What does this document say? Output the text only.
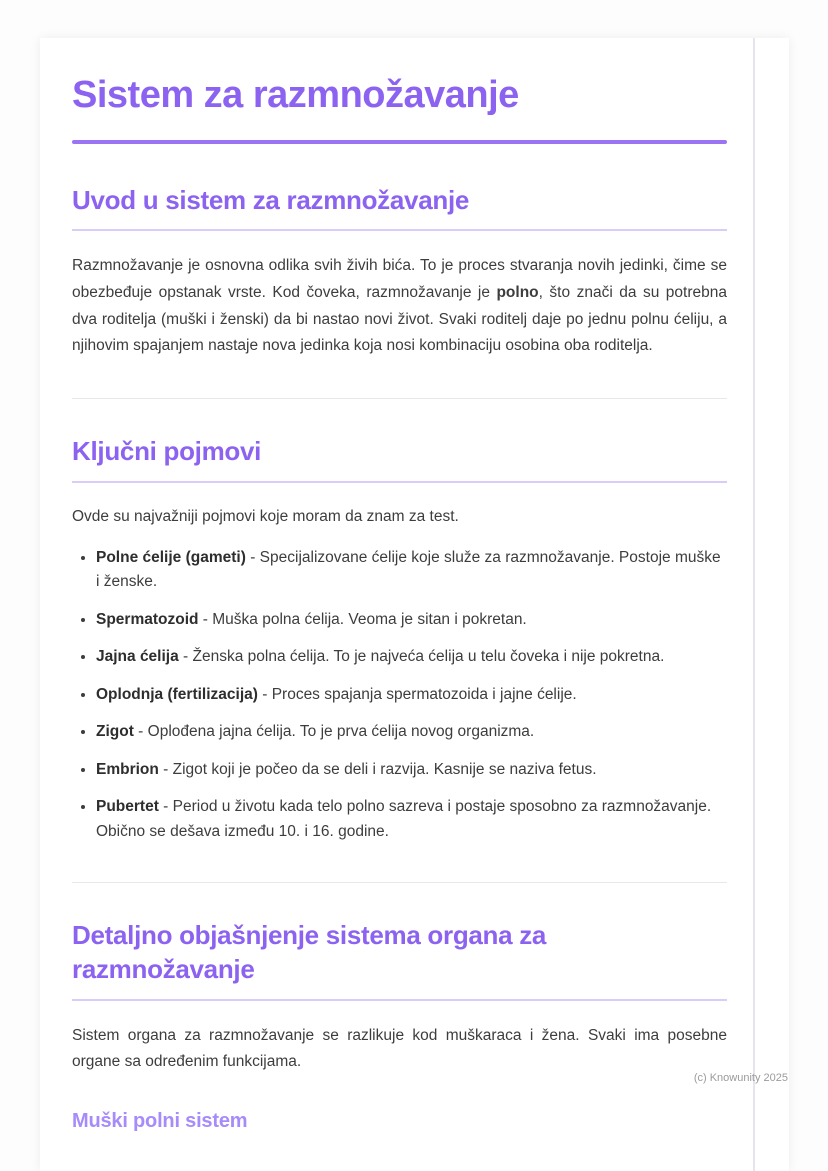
Sistem za razmnožavanje
Uvod u sistem za razmnožavanje

Razmnožavanje je osnovna odlika svih živih bića. To je proces stvaranja novih jedinki, čime se obezbeđuje opstanak vrste. Kod čoveka, razmnožavanje je polno, što znači da su potrebna dva roditelja (muški i ženski) da bi nastao novi život. Svaki roditelj daje po jednu polnu ćeliju, a njihovim spajanjem nastaje nova jedinka koja nosi kombinaciju osobina oba roditelja.

Ključni pojmovi

Ovde su najvažniji pojmovi koje moram da znam za test.

• Polne ćelije (gameti) - Specijalizovane ćelije koje služe za razmnožavanje. Postoje muške i ženske.
• Spermatozoid - Muška polna ćelija. Veoma je sitan i pokretan.
• Jajna ćelija - Ženska polna ćelija. To je najveća ćelija u telu čoveka i nije pokretna.
• Oplodnja (fertilizacija) - Proces spajanja spermatozoida i jajne ćelije.
• Zigot - Oplođena jajna ćelija. To je prva ćelija novog organizma.
• Embrion - Zigot koji je počeo da se deli i razvija. Kasnije se naziva fetus.
• Pubertet - Period u životu kada telo polno sazreva i postaje sposobno za razmnožavanje. Obično se dešava između 10. i 16. godine.
Detaljno objašnjenje sistema organa za razmnožavanje

Sistem organa za razmnožavanje se razlikuje kod muškaraca i žena. Svaki ima posebne organe sa određenim funkcijama.

Muški polni sistem
(c) Knowunity 2025
